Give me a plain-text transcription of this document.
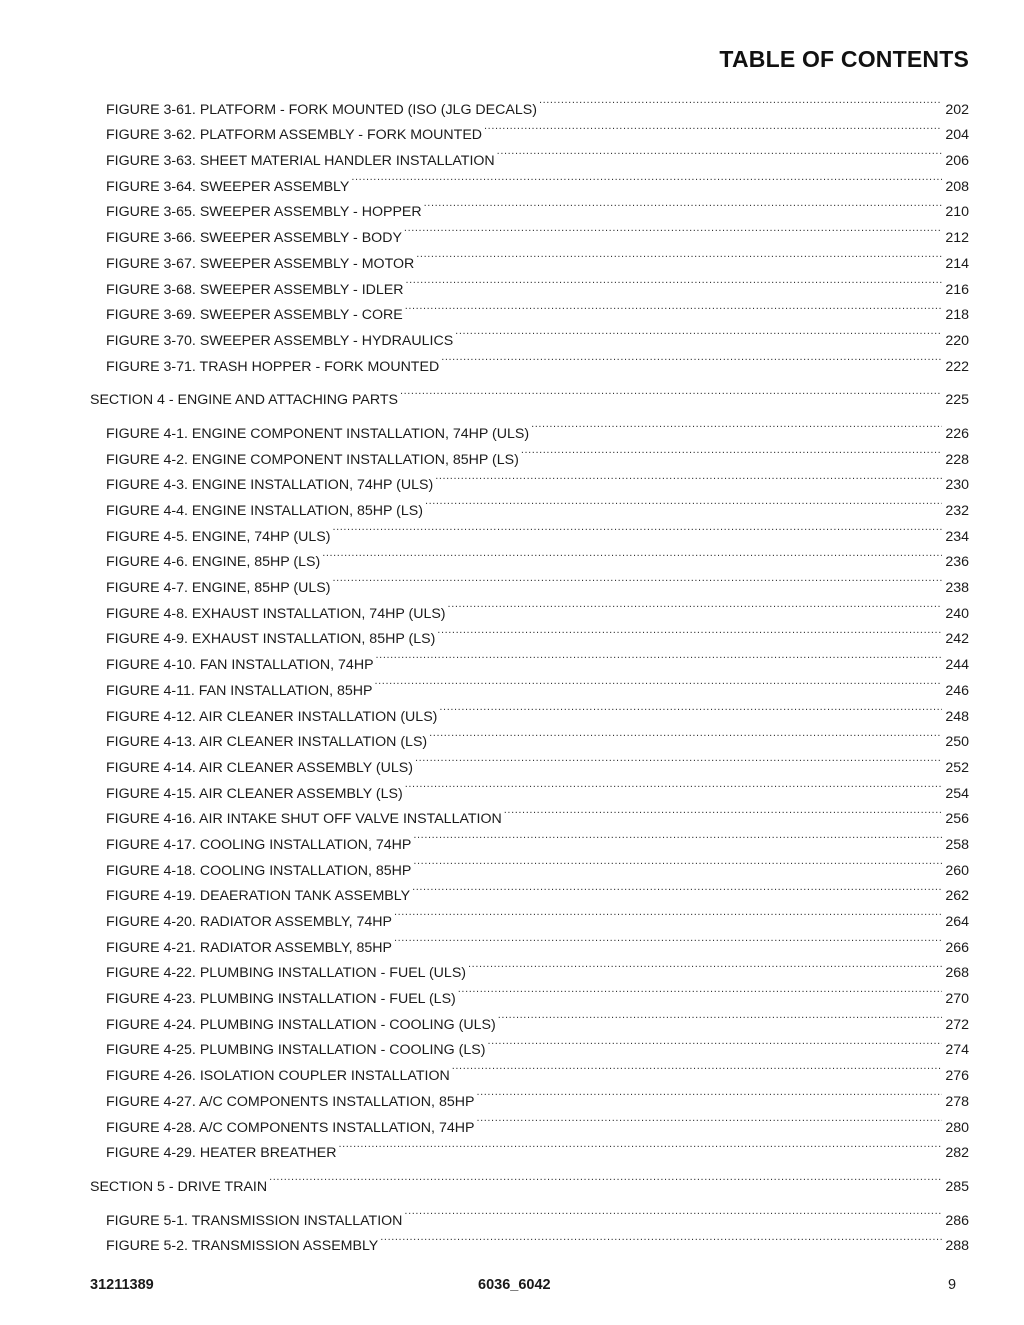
TABLE OF CONTENTS
FIGURE 3-61. PLATFORM - FORK MOUNTED (ISO (JLG DECALS) .....	202
FIGURE 3-62. PLATFORM ASSEMBLY - FORK MOUNTED .....	204
FIGURE 3-63. SHEET MATERIAL HANDLER INSTALLATION .....	206
FIGURE 3-64. SWEEPER ASSEMBLY .....	208
FIGURE 3-65. SWEEPER ASSEMBLY - HOPPER .....	210
FIGURE 3-66. SWEEPER ASSEMBLY - BODY .....	212
FIGURE 3-67. SWEEPER ASSEMBLY - MOTOR .....	214
FIGURE 3-68. SWEEPER ASSEMBLY - IDLER .....	216
FIGURE 3-69. SWEEPER ASSEMBLY - CORE .....	218
FIGURE 3-70. SWEEPER ASSEMBLY - HYDRAULICS .....	220
FIGURE 3-71. TRASH HOPPER - FORK MOUNTED .....	222
SECTION 4 - ENGINE AND ATTACHING PARTS .....	225
FIGURE 4-1. ENGINE COMPONENT INSTALLATION, 74HP (ULS) .....	226
FIGURE 4-2. ENGINE COMPONENT INSTALLATION, 85HP (LS) .....	228
FIGURE 4-3. ENGINE INSTALLATION, 74HP (ULS) .....	230
FIGURE 4-4. ENGINE INSTALLATION, 85HP (LS) .....	232
FIGURE 4-5. ENGINE, 74HP (ULS) .....	234
FIGURE 4-6. ENGINE, 85HP (LS) .....	236
FIGURE 4-7. ENGINE, 85HP (ULS) .....	238
FIGURE 4-8. EXHAUST INSTALLATION, 74HP (ULS) .....	240
FIGURE 4-9. EXHAUST INSTALLATION, 85HP (LS) .....	242
FIGURE 4-10. FAN INSTALLATION, 74HP .....	244
FIGURE 4-11. FAN INSTALLATION, 85HP .....	246
FIGURE 4-12. AIR CLEANER INSTALLATION (ULS) .....	248
FIGURE 4-13. AIR CLEANER INSTALLATION (LS) .....	250
FIGURE 4-14. AIR CLEANER ASSEMBLY (ULS) .....	252
FIGURE 4-15. AIR CLEANER ASSEMBLY (LS) .....	254
FIGURE 4-16. AIR INTAKE SHUT OFF VALVE INSTALLATION .....	256
FIGURE 4-17. COOLING INSTALLATION, 74HP .....	258
FIGURE 4-18. COOLING INSTALLATION, 85HP .....	260
FIGURE 4-19. DEAERATION TANK ASSEMBLY .....	262
FIGURE 4-20. RADIATOR ASSEMBLY, 74HP .....	264
FIGURE 4-21. RADIATOR ASSEMBLY, 85HP .....	266
FIGURE 4-22. PLUMBING INSTALLATION - FUEL (ULS) .....	268
FIGURE 4-23. PLUMBING INSTALLATION - FUEL (LS) .....	270
FIGURE 4-24. PLUMBING INSTALLATION - COOLING (ULS) .....	272
FIGURE 4-25. PLUMBING INSTALLATION - COOLING (LS) .....	274
FIGURE 4-26. ISOLATION COUPLER INSTALLATION .....	276
FIGURE 4-27. A/C COMPONENTS INSTALLATION, 85HP .....	278
FIGURE 4-28. A/C COMPONENTS INSTALLATION, 74HP .....	280
FIGURE 4-29. HEATER BREATHER .....	282
SECTION 5 - DRIVE TRAIN .....	285
FIGURE 5-1. TRANSMISSION INSTALLATION .....	286
FIGURE 5-2. TRANSMISSION ASSEMBLY .....	288
31211389	6036_6042	9
